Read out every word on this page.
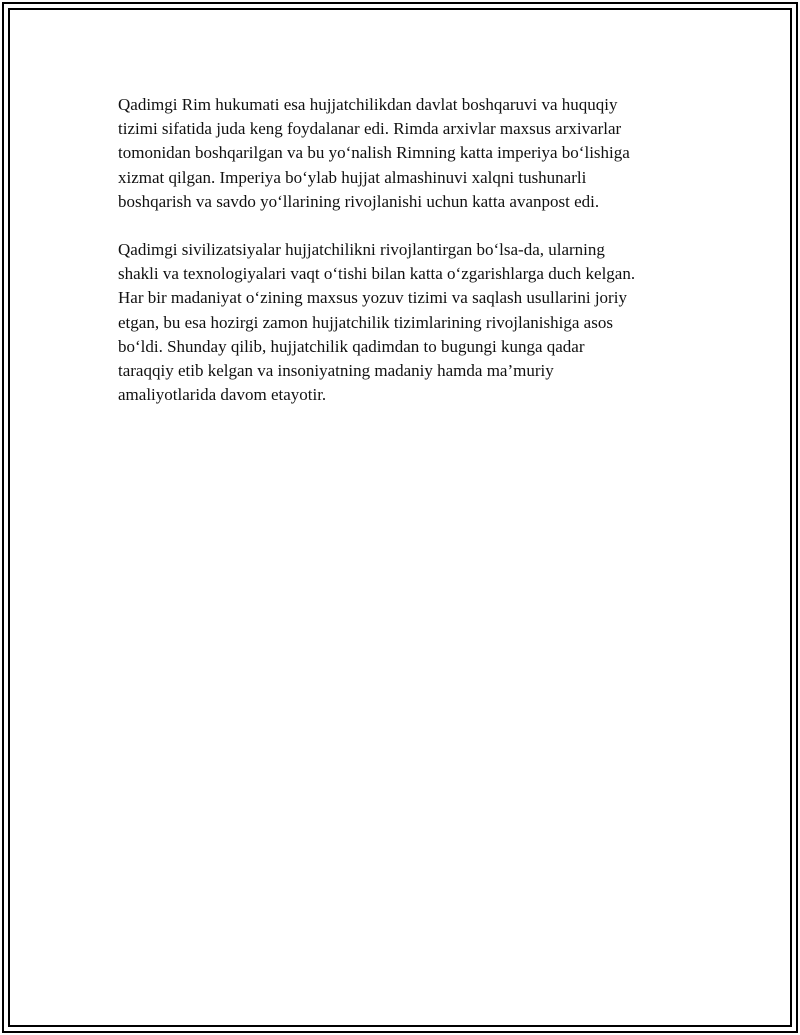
Qadimgi Rim hukumati esa hujjatchilikdan davlat boshqaruvi va huquqiy
tizimi sifatida juda keng foydalanar edi. Rimda arxivlar maxsus arxivarlar
tomonidan boshqarilgan va bu yo‘nalish Rimning katta imperiya bo‘lishiga
xizmat qilgan. Imperiya bo‘ylab hujjat almashinuvi xalqni tushunarli
boshqarish va savdo yo‘llarining rivojlanishi uchun katta avanpost edi.

Qadimgi sivilizatsiyalar hujjatchilikni rivojlantirgan bo‘lsa-da, ularning
shakli va texnologiyalari vaqt o‘tishi bilan katta o‘zgarishlarga duch kelgan.
Har bir madaniyat o‘zining maxsus yozuv tizimi va saqlash usullarini joriy
etgan, bu esa hozirgi zamon hujjatchilik tizimlarining rivojlanishiga asos
bo‘ldi. Shunday qilib, hujjatchilik qadimdan to bugungi kunga qadar
taraqqiy etib kelgan va insoniyatning madaniy hamda ma’muriy
amaliyotlarida davom etayotir.
